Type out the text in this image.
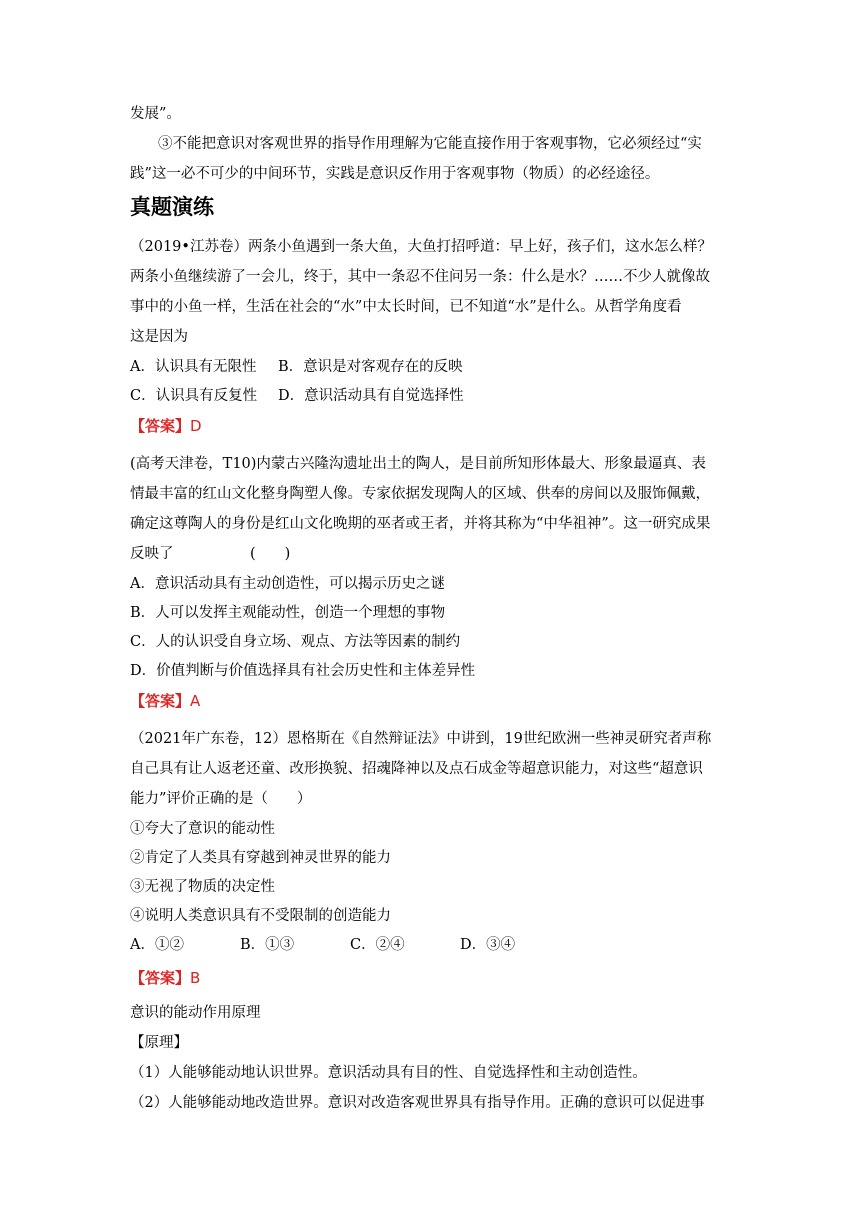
发展”。
③不能把意识对客观世界的指导作用理解为它能直接作用于客观事物，它必须经过“实
践”这一必不可少的中间环节，实践是意识反作用于客观事物（物质）的必经途径。
真题演练
（2019•江苏卷）两条小鱼遇到一条大鱼，大鱼打招呼道：早上好，孩子们，这水怎么样？
两条小鱼继续游了一会儿，终于，其中一条忍不住问另一条：什么是水？……不少人就像故
事中的小鱼一样，生活在社会的“水”中太长时间，已不知道“水”是什么。从哲学角度看
这是因为
A．认识具有无限性 B．意识是对客观存在的反映
C．认识具有反复性 D．意识活动具有自觉选择性
【答案】D
(高考天津卷，T10)内蒙古兴隆沟遗址出土的陶人，是目前所知形体最大、形象最逼真、表
情最丰富的红山文化整身陶塑人像。专家依据发现陶人的区域、供奉的房间以及服饰佩戴，
确定这尊陶人的身份是红山文化晚期的巫者或王者，并将其称为“中华祖神”。这一研究成果
反映了	(　　)
A．意识活动具有主动创造性，可以揭示历史之谜
B．人可以发挥主观能动性，创造一个理想的事物
C．人的认识受自身立场、观点、方法等因素的制约
D．价值判断与价值选择具有社会历史性和主体差异性
【答案】A
（2021年广东卷，12）恩格斯在《自然辩证法》中讲到，19世纪欧洲一些神灵研究者声称
自己具有让人返老还童、改形换貌、招魂降神以及点石成金等超意识能力，对这些“超意识
能力”评价正确的是（　　）
①夸大了意识的能动性
②肯定了人类具有穿越到神灵世界的能力
③无视了物质的决定性
④说明人类意识具有不受限制的创造能力
A．①②	B．①③	C．②④	D．③④
【答案】B
意识的能动作用原理
【原理】
（1）人能够能动地认识世界。意识活动具有目的性、自觉选择性和主动创造性。
（2）人能够能动地改造世界。意识对改造客观世界具有指导作用。正确的意识可以促进事
